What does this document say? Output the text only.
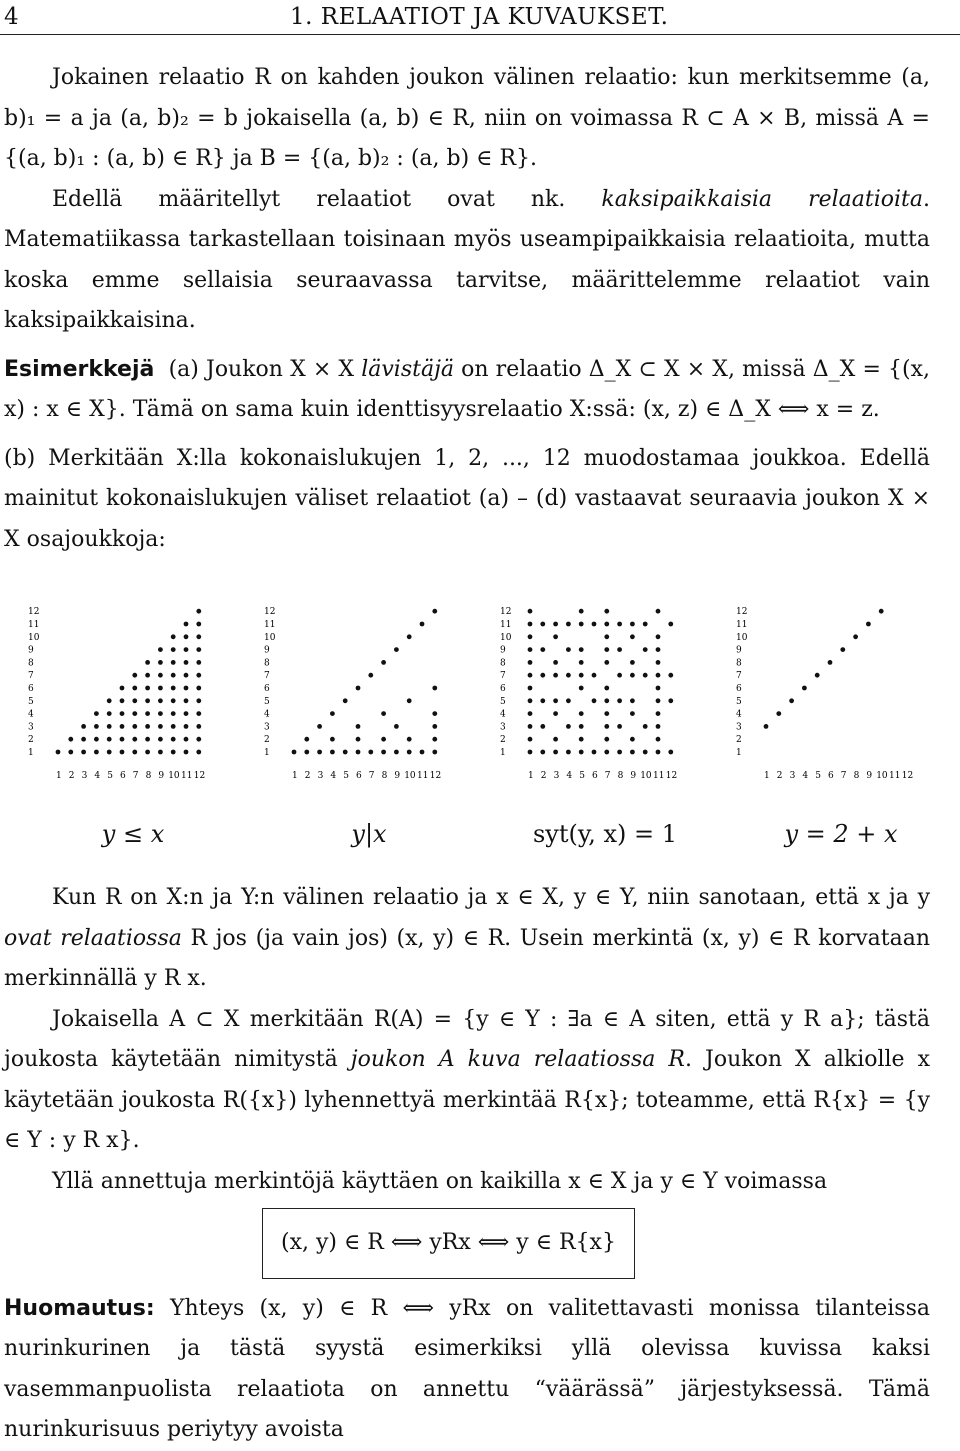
4	1. RELAATIOT JA KUVAUKSET.

Jokainen relaatio R on kahden joukon välinen relaatio: kun merkitsemme (a, b)₁ = a ja (a, b)₂ = b jokaisella (a, b) ∈ R, niin on voimassa R ⊂ A × B, missä A = {(a, b)₁ : (a, b) ∈ R} ja B = {(a, b)₂ : (a, b) ∈ R}.

Edellä määritellyt relaatiot ovat nk. kaksipaikkaisia relaatioita. Matematiikassa tarkastellaan toisinaan myös useampipaikkaisia relaatioita, mutta koska emme sellaisia seuraavassa tarvitse, määrittelemme relaatiot vain kaksipaikkaisina.

Esimerkkejä (a) Joukon X × X lävistäjä on relaatio Δ_X ⊂ X × X, missä Δ_X = {(x, x) : x ∈ X}. Tämä on sama kuin identtisyysrelaatio X:ssä: (x, z) ∈ Δ_X ⟺ x = z.

(b) Merkitään X:lla kokonaislukujen 1, 2, ..., 12 muodostamaa joukkoa. Edellä mainitut kokonaislukujen väliset relaatiot (a) – (d) vastaavat seuraavia joukon X × X osajoukkoja:

1
2
3
4
5
6
7
8
9
10
11
12
1 2 3 4 5 6 7 8 9 10 11 12
1
2
3
4
5
6
7
8
9
10
11
12
1 2 3 4 5 6 7 8 9 10 11 12
1
2
3
4
5
6
7
8
9
10
11
12
1 2 3 4 5 6 7 8 9 10 11 12
1
2
3
4
5
6
7
8
9
10
11
12
1 2 3 4 5 6 7 8 9 10 11 12
y ≤ x	y|x	syt(y, x) = 1	y = 2 + x

Kun R on X:n ja Y:n välinen relaatio ja x ∈ X, y ∈ Y, niin sanotaan, että x ja y ovat relaatiossa R jos (ja vain jos) (x, y) ∈ R. Usein merkintä (x, y) ∈ R korvataan merkinnällä y R x.

Jokaisella A ⊂ X merkitään R(A) = {y ∈ Y : ∃a ∈ A siten, että y R a}; tästä joukosta käytetään nimitystä joukon A kuva relaatiossa R. Joukon X alkiolle x käytetään joukosta R({x}) lyhennettyä merkintää R{x}; toteamme, että R{x} = {y ∈ Y : y R x}.

Yllä annettuja merkintöjä käyttäen on kaikilla x ∈ X ja y ∈ Y voimassa

(x, y) ∈ R ⟺ yRx ⟺ y ∈ R{x}

Huomautus: Yhteys (x, y) ∈ R ⟺ yRx on valitettavasti monissa tilanteissa nurinkurinen ja tästä syystä esimerkiksi yllä olevissa kuvissa kaksi vasemmanpuolista relaatiota on annettu “väärässä” järjestyksessä. Tämä nurinkurisuus periytyy avoista
